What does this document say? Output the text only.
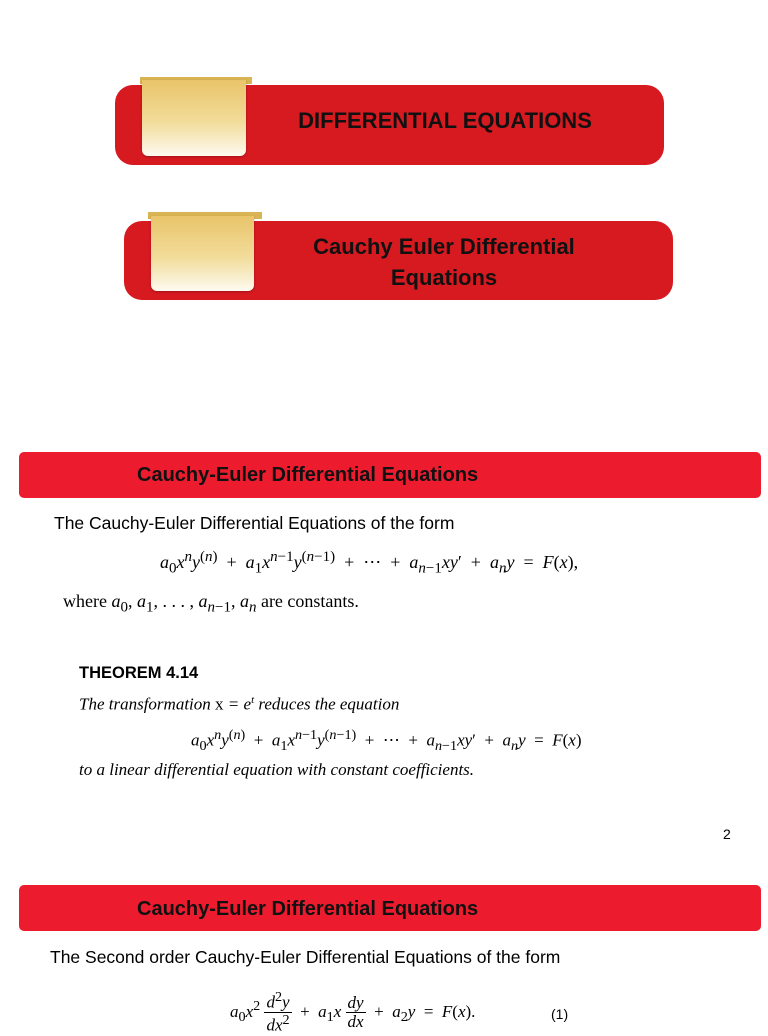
DIFFERENTIAL EQUATIONS
Cauchy Euler Differential Equations
Cauchy-Euler Differential Equations
The Cauchy-Euler Differential Equations of the form
$a_0x^ny^{(n)} + a_1x^{n-1}y^{(n-1)}$  +  ⋯  +  $a_{n-1}xy' + a_ny = F(x)$,
where $a_0$, $a_1$, . . . , $a_{n-1}$, $a_n$ are constants.
THEOREM 4.14
The transformation $x = e^t$ reduces the equation
$a_0x^ny^{(n)} + a_1x^{n-1}y^{(n-1)}$  +  ⋯  +  $a_{n-1}xy' + a_ny = F(x)$
to a linear differential equation with constant coefficients.
2
Cauchy-Euler Differential Equations
The Second order Cauchy-Euler Differential Equations of the form
$a_0x^2 \frac{d^2y}{dx^2} + a_1x \frac{dy}{dx} + a_2y = F(x)$.	(1)
